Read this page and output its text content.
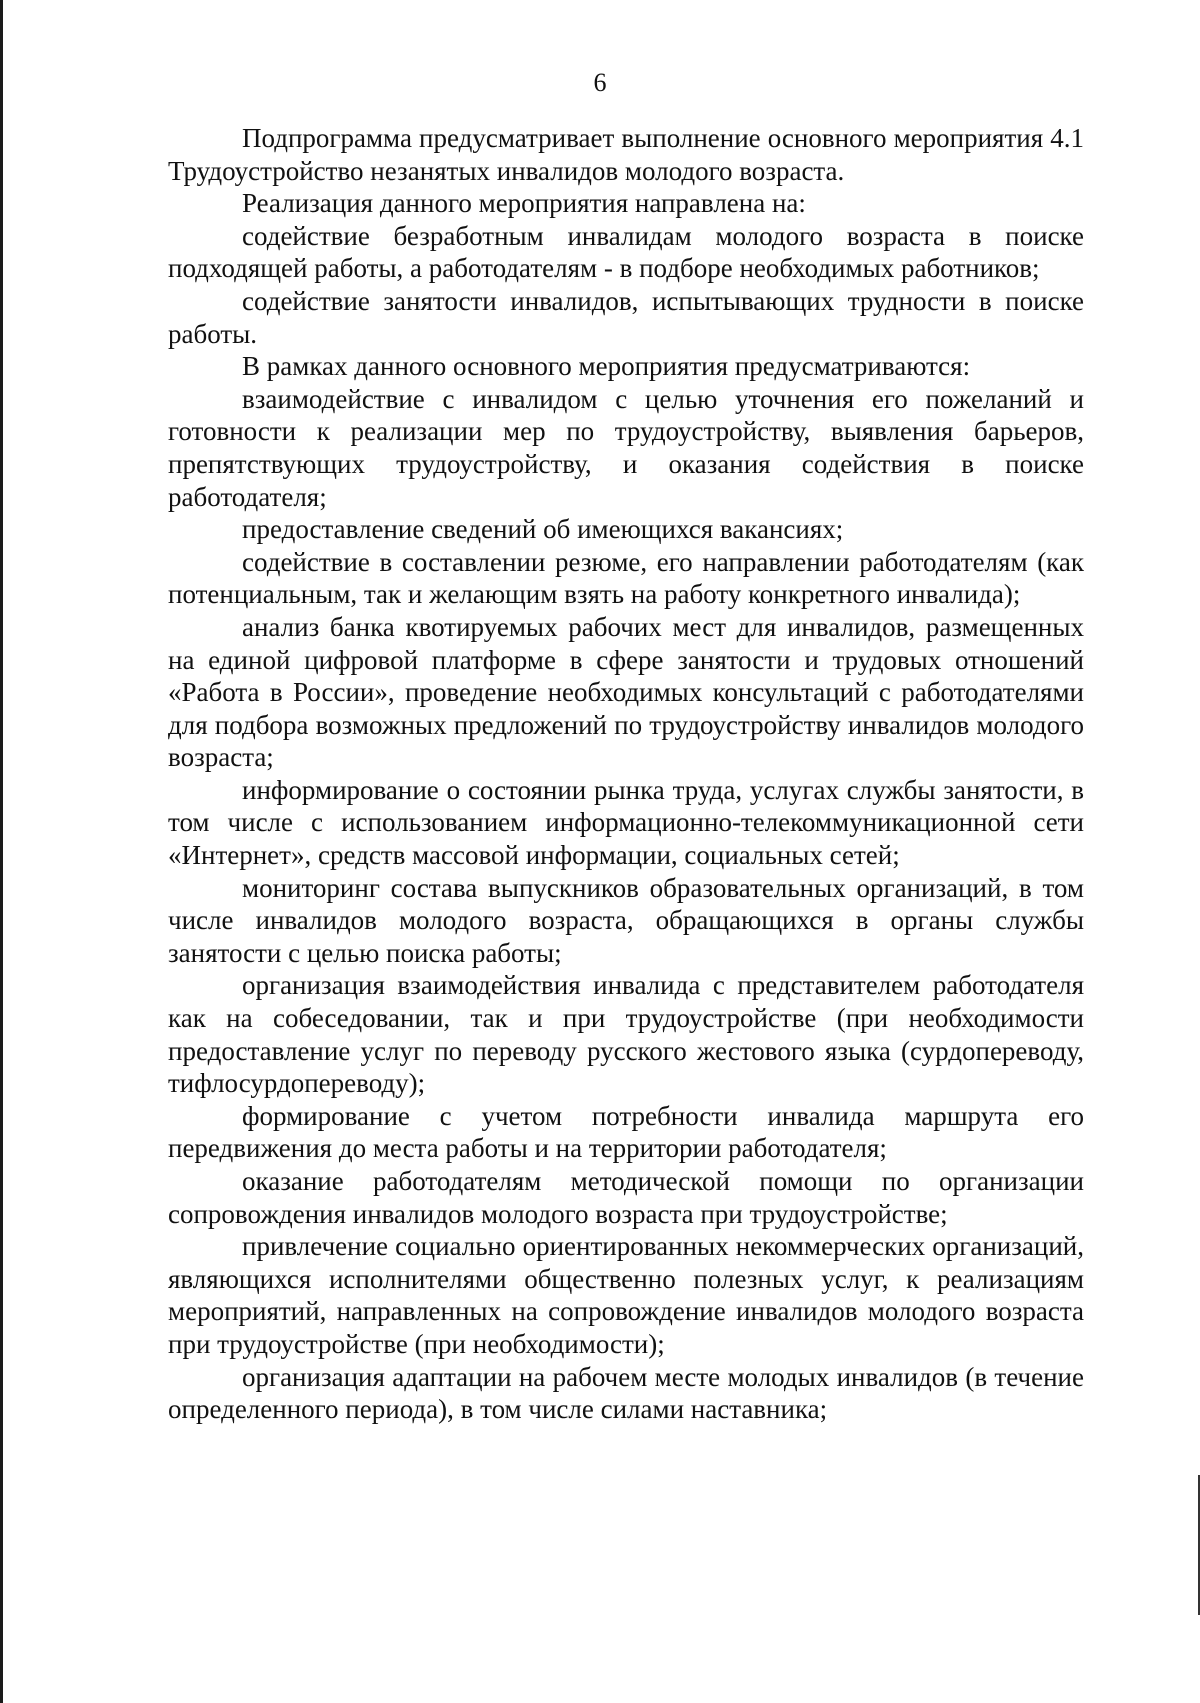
6

Подпрограмма предусматривает выполнение основного мероприятия 4.1 Трудоустройство незанятых инвалидов молодого возраста.

Реализация данного мероприятия направлена на:

содействие безработным инвалидам молодого возраста в поиске подходящей работы, а работодателям - в подборе необходимых работников;

содействие занятости инвалидов, испытывающих трудности в поиске работы.

В рамках данного основного мероприятия предусматриваются:

взаимодействие с инвалидом с целью уточнения его пожеланий и готовности к реализации мер по трудоустройству, выявления барьеров, препятствующих трудоустройству, и оказания содействия в поиске работодателя;

предоставление сведений об имеющихся вакансиях;

содействие в составлении резюме, его направлении работодателям (как потенциальным, так и желающим взять на работу конкретного инвалида);

анализ банка квотируемых рабочих мест для инвалидов, размещенных на единой цифровой платформе в сфере занятости и трудовых отношений «Работа в России», проведение необходимых консультаций с работодателями для подбора возможных предложений по трудоустройству инвалидов молодого возраста;

информирование о состоянии рынка труда, услугах службы занятости, в том числе с использованием информационно-телекоммуникационной сети «Интернет», средств массовой информации, социальных сетей;

мониторинг состава выпускников образовательных организаций, в том числе инвалидов молодого возраста, обращающихся в органы службы занятости с целью поиска работы;

организация взаимодействия инвалида с представителем работодателя как на собеседовании, так и при трудоустройстве (при необходимости предоставление услуг по переводу русского жестового языка (сурдопереводу, тифлосурдопереводу);

формирование с учетом потребности инвалида маршрута его передвижения до места работы и на территории работодателя;

оказание работодателям методической помощи по организации сопровождения инвалидов молодого возраста при трудоустройстве;

привлечение социально ориентированных некоммерческих организаций, являющихся исполнителями общественно полезных услуг, к реализациям мероприятий, направленных на сопровождение инвалидов молодого возраста при трудоустройстве (при необходимости);

организация адаптации на рабочем месте молодых инвалидов (в течение определенного периода), в том числе силами наставника;
